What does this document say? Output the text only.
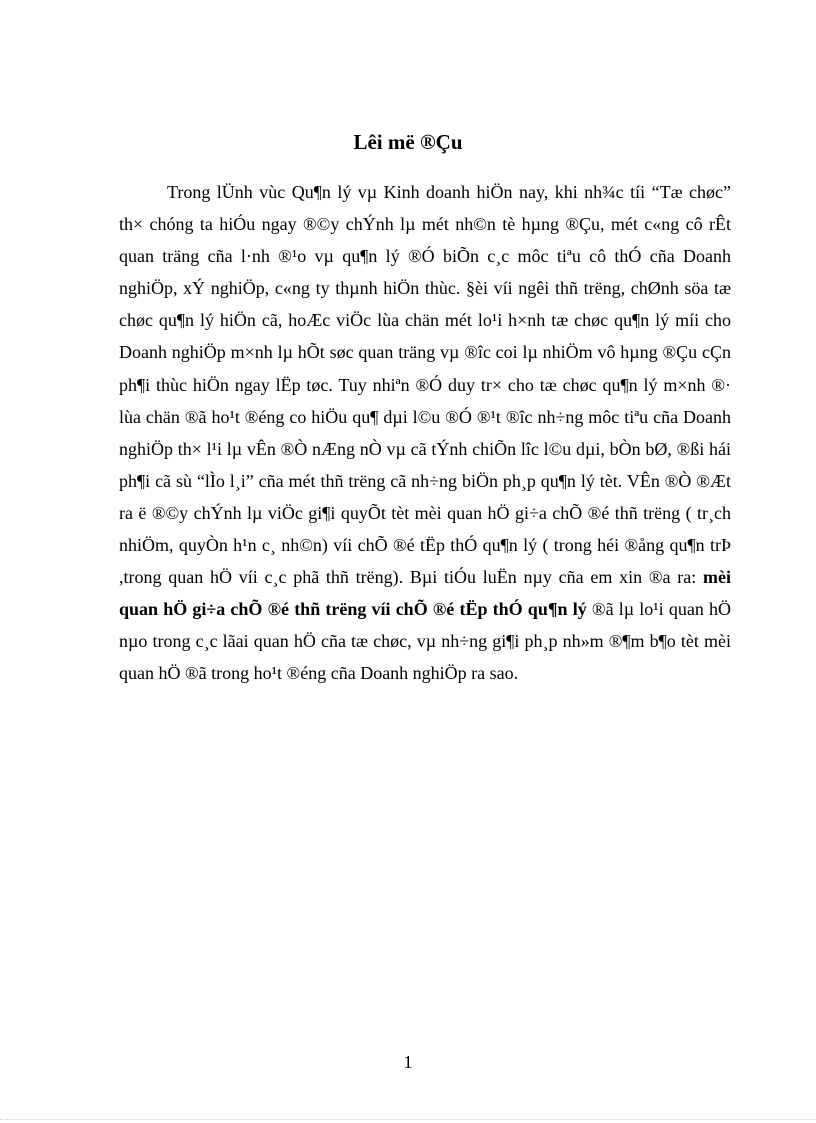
Lêi më ®Çu

Trong lÜnh vùc Qu¶n lý vµ Kinh doanh hiÖn nay, khi nh¾c tíi “Tæ chøc” th× chóng ta hiÓu ngay ®©y chÝnh lµ mét nh©n tè hµng ®Çu, mét c«ng cô rÊt quan träng cña l·nh ®¹o vµ qu¶n lý ®Ó biÕn c¸c môc tiªu cô thÓ cña Doanh nghiÖp, xÝ nghiÖp, c«ng ty thµnh hiÖn thùc. §èi víi ngêi thñ trëng, chØnh söa tæ chøc qu¶n lý hiÖn cã, hoÆc viÖc lùa chän mét lo¹i h×nh tæ chøc qu¶n lý míi cho Doanh nghiÖp m×nh lµ hÕt søc quan träng vµ ®îc coi lµ nhiÖm vô hµng ®Çu cÇn ph¶i thùc hiÖn ngay lËp tøc. Tuy nhiªn ®Ó duy tr× cho tæ chøc qu¶n lý m×nh ®· lùa chän ®ã ho¹t ®éng co hiÖu qu¶ dµi l©u ®Ó ®¹t ®îc nh÷ng môc tiªu cña Doanh nghiÖp th× l¹i lµ vÊn ®Ò nÆng nÒ vµ cã tÝnh chiÕn lîc l©u dµi, bÒn bØ, ®ßi hái ph¶i cã sù “lÌo l¸i” cña mét thñ trëng cã nh÷ng biÖn ph¸p qu¶n lý tèt. VÊn ®Ò ®Æt ra ë ®©y chÝnh lµ viÖc gi¶i quyÕt tèt mèi quan hÖ gi÷a chÕ ®é thñ trëng ( tr¸ch nhiÖm, quyÒn h¹n c¸ nh©n) víi chÕ ®é tËp thÓ qu¶n lý ( trong héi ®ång qu¶n trÞ ,trong quan hÖ víi c¸c phã thñ trëng). Bµi tiÓu luËn nµy cña em xin ®a ra: mèi quan hÖ gi÷a chÕ ®é thñ trëng víi chÕ ®é tËp thÓ qu¶n lý ®ã lµ lo¹i quan hÖ nµo trong c¸c lãai quan hÖ cña tæ chøc, vµ nh÷ng gi¶i ph¸p nh»m ®¶m b¶o tèt mèi quan hÖ ®ã trong ho¹t ®éng cña Doanh nghiÖp ra sao.

1
